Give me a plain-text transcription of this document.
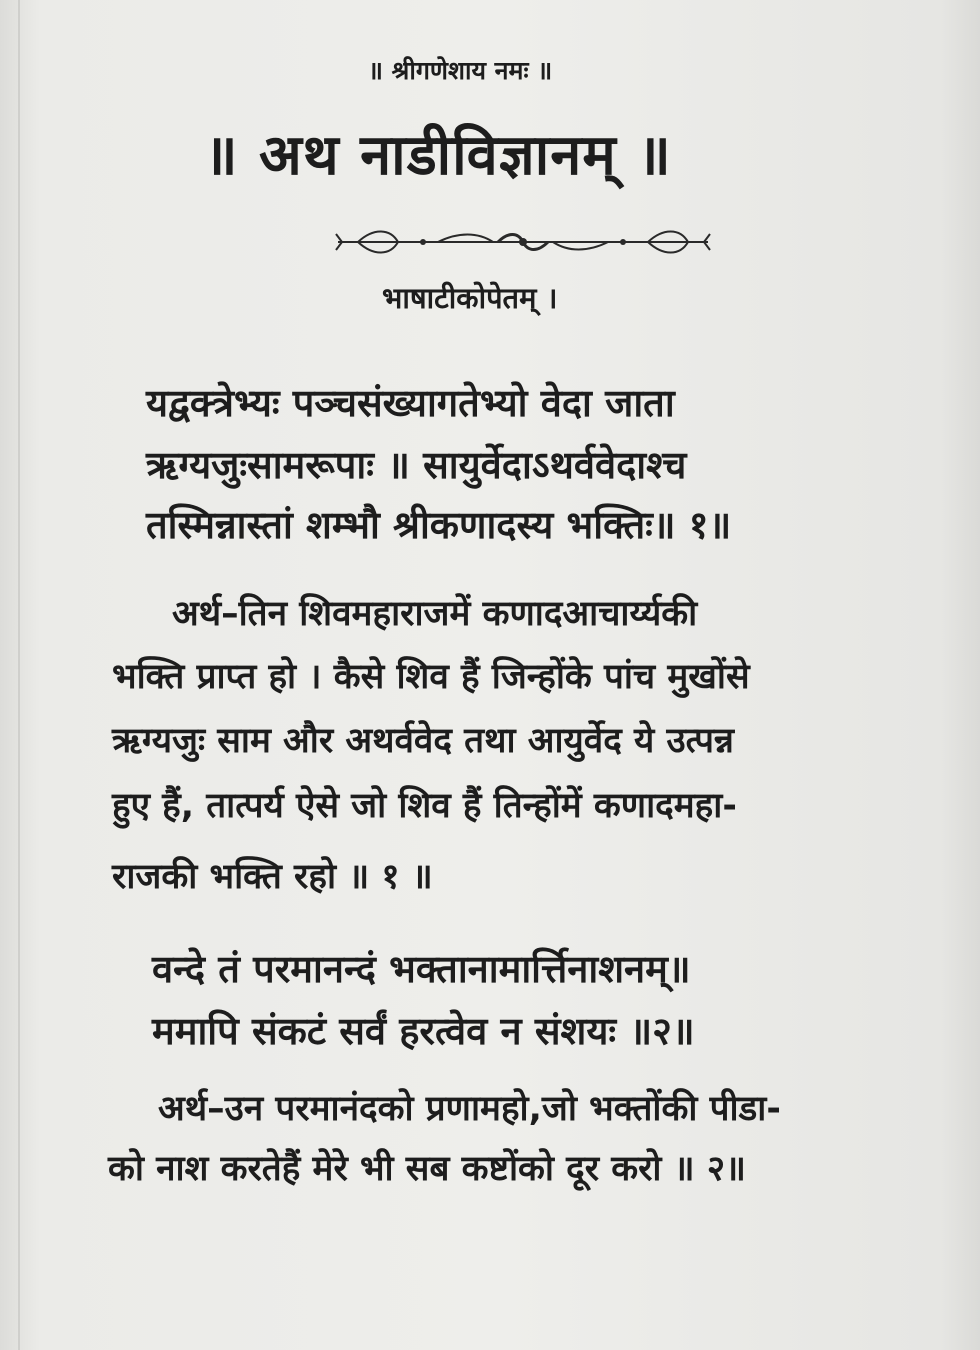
॥ श्रीगणेशाय नमः ॥
॥ अथ नाडीविज्ञानम् ॥
भाषाटीकोपेतम् ।
यद्वक्त्रेभ्यः पञ्चसंख्यागतेभ्यो वेदा जाता
ऋग्यजुःसामरूपाः ॥ सायुर्वेदाऽथर्ववेदाश्च
तस्मिन्नास्तां शम्भौ श्रीकणादस्य भक्तिः॥ १॥
अर्थ–तिन शिवमहाराजमें कणादआचार्य्यकी
भक्ति प्राप्त हो । कैसे शिव हैं जिन्होंके पांच मुखोंसे
ऋग्यजुः साम और अथर्ववेद तथा आयुर्वेद ये उत्पन्न
हुए हैं, तात्पर्य ऐसे जो शिव हैं तिन्होंमें कणादमहा-
राजकी भक्ति रहो ॥ १ ॥
वन्दे तं परमानन्दं भक्तानामार्त्तिनाशनम्॥
ममापि संकटं सर्वं हरत्वेव न संशयः ॥२॥
अर्थ–उन परमानंदको प्रणामहो,जो भक्तोंकी पीडा-
को नाश करतेहैं मेरे भी सब कष्टोंको दूर करो ॥ २॥
